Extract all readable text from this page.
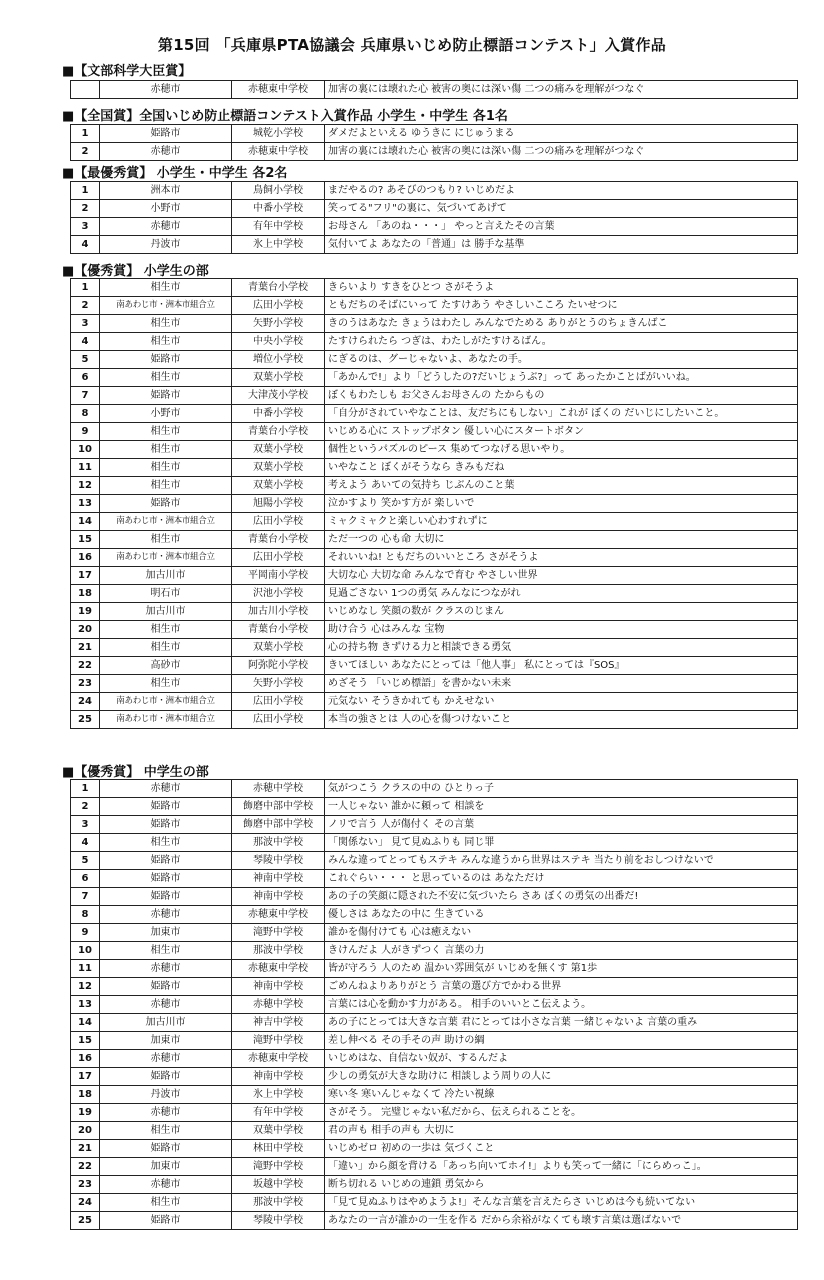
第15回 「兵庫県PTA協議会 兵庫県いじめ防止標語コンテスト」入賞作品
■【文部科学大臣賞】
	赤穂市	赤穂東中学校	加害の裏には壊れた心 被害の奥には深い傷 二つの痛みを理解がつなぐ
■【全国賞】全国いじめ防止標語コンテスト入賞作品 小学生・中学生 各1名
1	姫路市	城乾小学校	ダメだよといえる ゆうきに にじゅうまる
2	赤穂市	赤穂東中学校	加害の裏には壊れた心 被害の奥には深い傷 二つの痛みを理解がつなぐ
■【最優秀賞】 小学生・中学生 各2名
1	洲本市	鳥飼小学校	まだやるの? あそびのつもり? いじめだよ
2	小野市	中番小学校	笑ってる"フリ"の裏に、気づいてあげて
3	赤穂市	有年中学校	お母さん 「あのね・・・」 やっと言えたその言葉
4	丹波市	氷上中学校	気付いてよ あなたの「普通」は 勝手な基準
■【優秀賞】 小学生の部
1	相生市	青葉台小学校	きらいより すきをひとつ さがそうよ
2	南あわじ市・洲本市組合立	広田小学校	ともだちのそばにいって たすけあう やさしいこころ たいせつに
3	相生市	矢野小学校	きのうはあなた きょうはわたし みんなでためる ありがとうのちょきんばこ
4	相生市	中央小学校	たすけられたら つぎは、わたしがたすけるばん。
5	姫路市	増位小学校	にぎるのは、グーじゃないよ、あなたの手。
6	相生市	双葉小学校	「あかんで!」より「どうしたの?だいじょうぶ?」って あったかことばがいいね。
7	姫路市	大津茂小学校	ぼくもわたしも お父さんお母さんの たからもの
8	小野市	中番小学校	「自分がされていやなことは、友だちにもしない」これが ぼくの だいじにしたいこと。
9	相生市	青葉台小学校	いじめる心に ストップボタン 優しい心にスタートボタン
10	相生市	双葉小学校	個性というパズルのピース 集めてつなげる思いやり。
11	相生市	双葉小学校	いやなこと ぼくがそうなら きみもだね
12	相生市	双葉小学校	考えよう あいての気持ち じぶんのこと葉
13	姫路市	旭陽小学校	泣かすより 笑かす方が 楽しいで
14	南あわじ市・洲本市組合立	広田小学校	ミャクミャクと楽しい心わすれずに
15	相生市	青葉台小学校	ただ一つの 心も命 大切に
16	南あわじ市・洲本市組合立	広田小学校	それいいね! ともだちのいいところ さがそうよ
17	加古川市	平岡南小学校	大切な心 大切な命 みんなで育む やさしい世界
18	明石市	沢池小学校	見過ごさない 1つの勇気 みんなにつながれ
19	加古川市	加古川小学校	いじめなし 笑顔の数が クラスのじまん
20	相生市	青葉台小学校	助け合う 心はみんな 宝物
21	相生市	双葉小学校	心の持ち物 きずける力と相談できる勇気
22	高砂市	阿弥陀小学校	きいてほしい あなたにとっては「他人事」 私にとっては『SOS』
23	相生市	矢野小学校	めざそう 「いじめ標語」を書かない未来
24	南あわじ市・洲本市組合立	広田小学校	元気ない そうきかれても かえせない
25	南あわじ市・洲本市組合立	広田小学校	本当の強さとは 人の心を傷つけないこと
■【優秀賞】 中学生の部
1	赤穂市	赤穂中学校	気がつこう クラスの中の ひとりっ子
2	姫路市	飾磨中部中学校	一人じゃない 誰かに頼って 相談を
3	姫路市	飾磨中部中学校	ノリで言う 人が傷付く その言葉
4	相生市	那波中学校	「関係ない」 見て見ぬふりも 同じ罪
5	姫路市	琴陵中学校	みんな違ってとってもステキ みんな違うから世界はステキ 当たり前をおしつけないで
6	姫路市	神南中学校	これぐらい・・・ と思っているのは あなただけ
7	姫路市	神南中学校	あの子の笑顔に隠された不安に気づいたら さあ ぼくの勇気の出番だ!
8	赤穂市	赤穂東中学校	優しさは あなたの中に 生きている
9	加東市	滝野中学校	誰かを傷付けても 心は癒えない
10	相生市	那波中学校	きけんだよ 人がきずつく 言葉の力
11	赤穂市	赤穂東中学校	皆が守ろう 人のため 温かい雰囲気が いじめを無くす 第1歩
12	姫路市	神南中学校	ごめんねよりありがとう 言葉の選び方でかわる世界
13	赤穂市	赤穂中学校	言葉には心を動かす力がある。 相手のいいとこ伝えよう。
14	加古川市	神吉中学校	あの子にとっては大きな言葉 君にとっては小さな言葉 一緒じゃないよ 言葉の重み
15	加東市	滝野中学校	差し伸べる その手その声 助けの綱
16	赤穂市	赤穂東中学校	いじめはな、自信ない奴が、するんだよ
17	姫路市	神南中学校	少しの勇気が大きな助けに 相談しよう周りの人に
18	丹波市	氷上中学校	寒い冬 寒いんじゃなくて 冷たい視線
19	赤穂市	有年中学校	さがそう。 完璧じゃない私だから、伝えられることを。
20	相生市	双葉中学校	君の声も 相手の声も 大切に
21	姫路市	林田中学校	いじめゼロ 初めの一歩は 気づくこと
22	加東市	滝野中学校	「違い」から顔を背ける「あっち向いてホイ!」よりも笑って一緒に「にらめっこ」。
23	赤穂市	坂越中学校	断ち切れる いじめの連鎖 勇気から
24	相生市	那波中学校	「見て見ぬふりはやめようよ!」そんな言葉を言えたらさ いじめは今も続いてない
25	姫路市	琴陵中学校	あなたの一言が誰かの一生を作る だから余裕がなくても壊す言葉は選ばないで
